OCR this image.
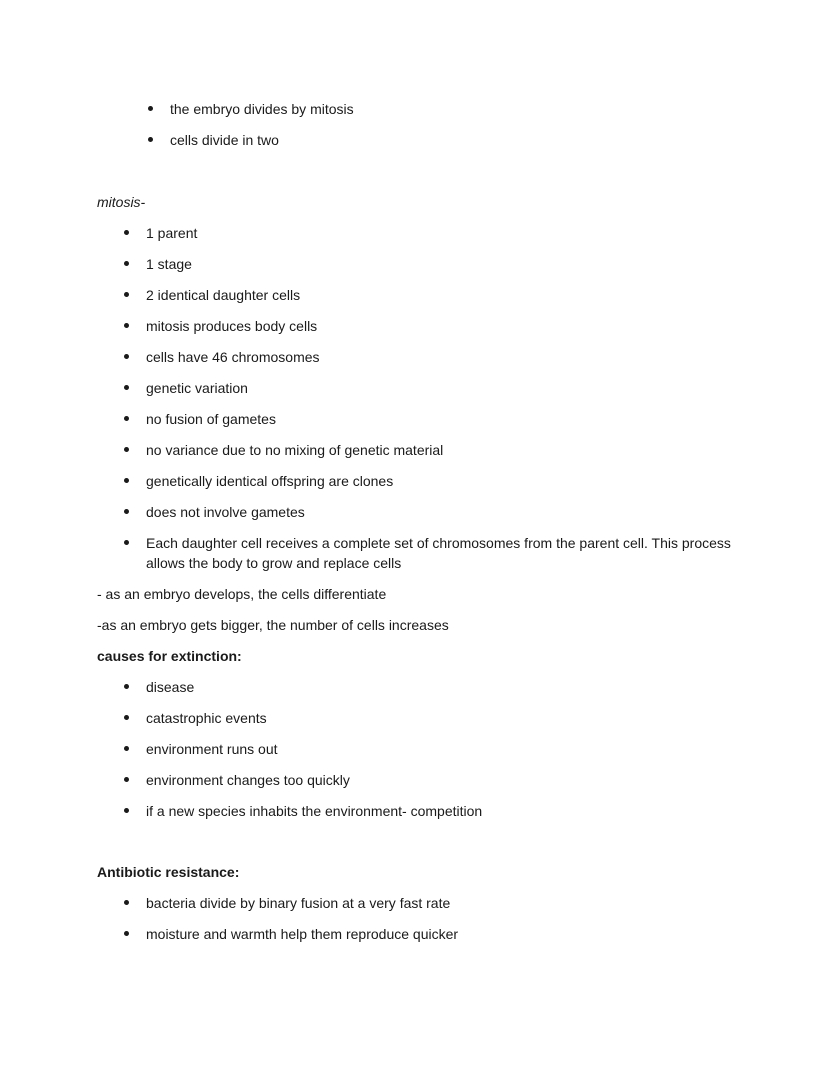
the embryo divides by mitosis
cells divide in two

mitosis-

1 parent
1 stage
2 identical daughter cells
mitosis produces body cells
cells have 46 chromosomes
genetic variation
no fusion of gametes
no variance due to no mixing of genetic material
genetically identical offspring are clones
does not involve gametes
Each daughter cell receives a complete set of chromosomes from the parent cell. This process allows the body to grow and replace cells

- as an embryo develops, the cells differentiate

-as an embryo gets bigger, the number of cells increases

causes for extinction:

disease
catastrophic events
environment runs out
environment changes too quickly
if a new species inhabits the environment- competition

Antibiotic resistance:

bacteria divide by binary fusion at a very fast rate
moisture and warmth help them reproduce quicker
